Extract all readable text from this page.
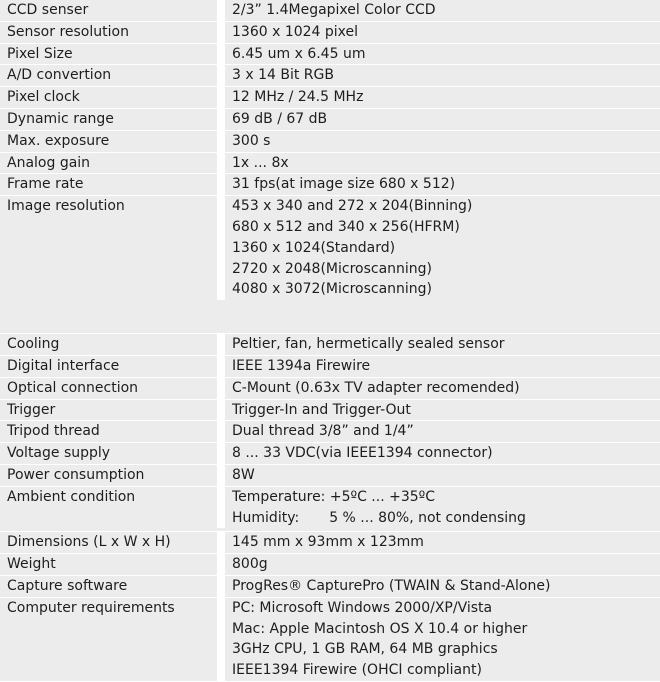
CCD senser	2/3” 1.4Megapixel Color CCD
Sensor resolution	1360 x 1024 pixel
Pixel Size	6.45 um x 6.45 um
A/D convertion	3 x 14 Bit RGB
Pixel clock	12 MHz / 24.5 MHz
Dynamic range	69 dB / 67 dB
Max. exposure	300 s
Analog gain	1x ... 8x
Frame rate	31 fps(at image size 680 x 512)
Image resolution	453 x 340 and 272 x 204(Binning)
680 x 512 and 340 x 256(HFRM)
1360 x 1024(Standard)
2720 x 2048(Microscanning)
4080 x 3072(Microscanning)
Cooling	Peltier, fan, hermetically sealed sensor
Digital interface	IEEE 1394a Firewire
Optical connection	C-Mount (0.63x TV adapter recomended)
Trigger	Trigger-In and Trigger-Out
Tripod thread	Dual thread 3/8” and 1/4”
Voltage supply	8 ... 33 VDC(via IEEE1394 connector)
Power consumption	8W
Ambient condition	Temperature: +5ºC ... +35ºC
Humidity: 5 % ... 80%, not condensing
Dimensions (L x W x H)	145 mm x 93mm x 123mm
Weight	800g
Capture software	ProgRes® CapturePro (TWAIN & Stand-Alone)
Computer requirements	PC: Microsoft Windows 2000/XP/Vista
Mac: Apple Macintosh OS X 10.4 or higher
3GHz CPU, 1 GB RAM, 64 MB graphics
IEEE1394 Firewire (OHCI compliant)
